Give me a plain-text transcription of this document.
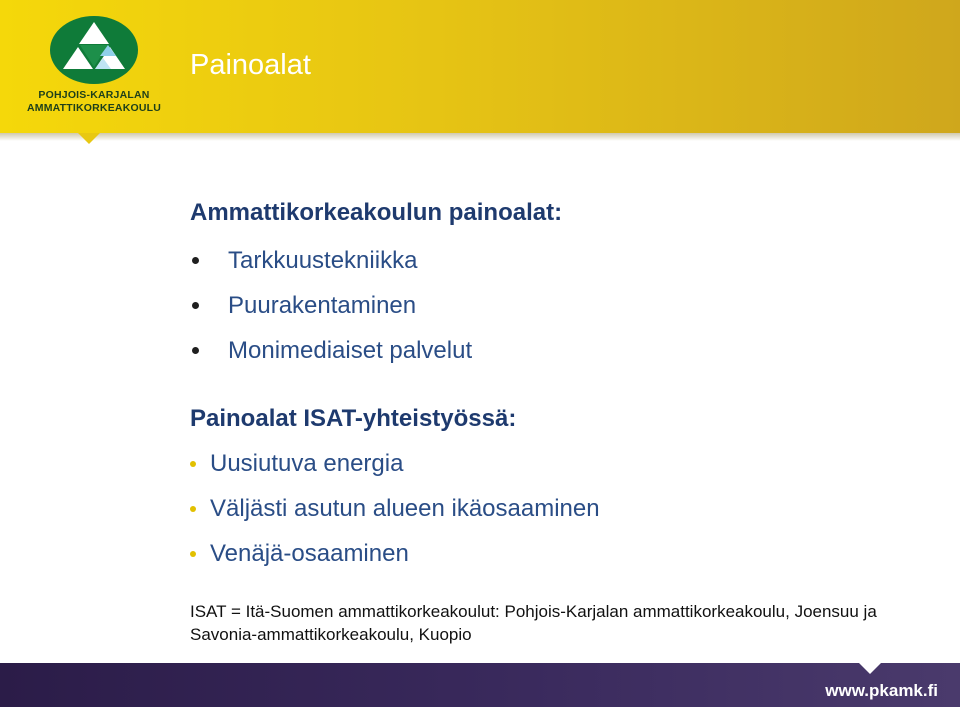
POHJOIS-KARJALAN
AMMATTIKORKEAKOULU
Painoalat
Ammattikorkeakoulun painoalat:
Tarkkuustekniikka
Puurakentaminen
Monimediaiset palvelut
Painoalat ISAT-yhteistyössä:
Uusiutuva energia
Väljästi asutun alueen ikäosaaminen
Venäjä-osaaminen
ISAT = Itä-Suomen ammattikorkeakoulut: Pohjois-Karjalan ammattikorkeakoulu, Joensuu ja Savonia-ammattikorkeakoulu, Kuopio
www.pkamk.fi
